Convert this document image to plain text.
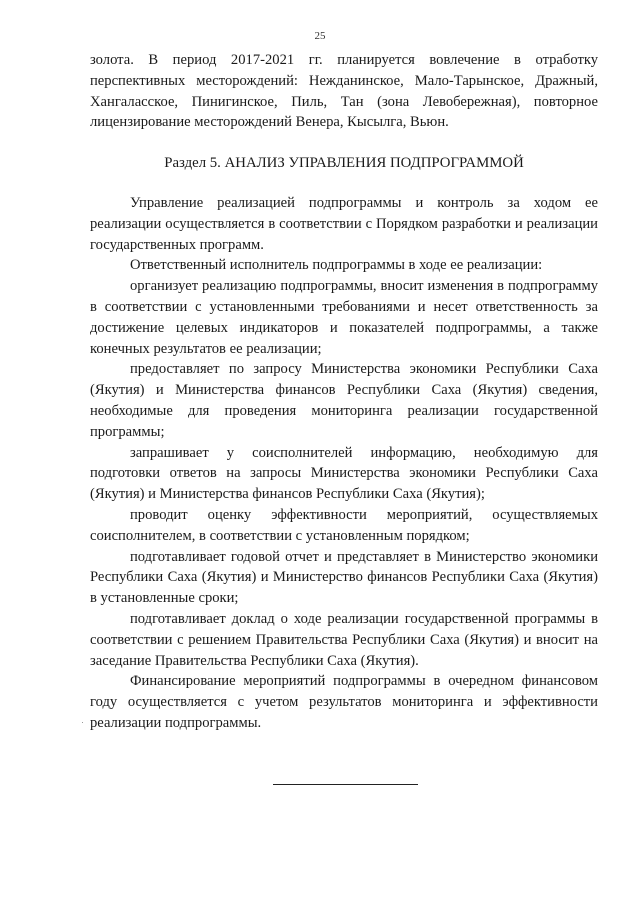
25

золота. В период 2017-2021 гг. планируется вовлечение в отработку перспективных месторождений: Нежданинское, Мало-Тарынское, Дражный, Хангаласское, Пинигинское, Пиль, Тан (зона Левобережная), повторное лицензирование месторождений Венера, Кысылга, Вьюн.

Раздел 5. АНАЛИЗ УПРАВЛЕНИЯ ПОДПРОГРАММОЙ

Управление реализацией подпрограммы и контроль за ходом ее реализации осуществляется в соответствии с Порядком разработки и реализации государственных программ.

Ответственный исполнитель подпрограммы в ходе ее реализации:

организует реализацию подпрограммы, вносит изменения в подпрограмму в соответствии с установленными требованиями и несет ответственность за достижение целевых индикаторов и показателей подпрограммы, а также конечных результатов ее реализации;

предоставляет по запросу Министерства экономики Республики Саха (Якутия) и Министерства финансов Республики Саха (Якутия) сведения, необходимые для проведения мониторинга реализации государственной программы;

запрашивает у соисполнителей информацию, необходимую для подготовки ответов на запросы Министерства экономики Республики Саха (Якутия) и Министерства финансов Республики Саха (Якутия);

проводит оценку эффективности мероприятий, осуществляемых соисполнителем, в соответствии с установленным порядком;

подготавливает годовой отчет и представляет в Министерство экономики Республики Саха (Якутия) и Министерство финансов Республики Саха (Якутия) в установленные сроки;

подготавливает доклад о ходе реализации государственной программы в соответствии с решением Правительства Республики Саха (Якутия) и вносит на заседание Правительства Республики Саха (Якутия).

Финансирование мероприятий подпрограммы в очередном финансовом году осуществляется с учетом результатов мониторинга и эффективности реализации подпрограммы.
